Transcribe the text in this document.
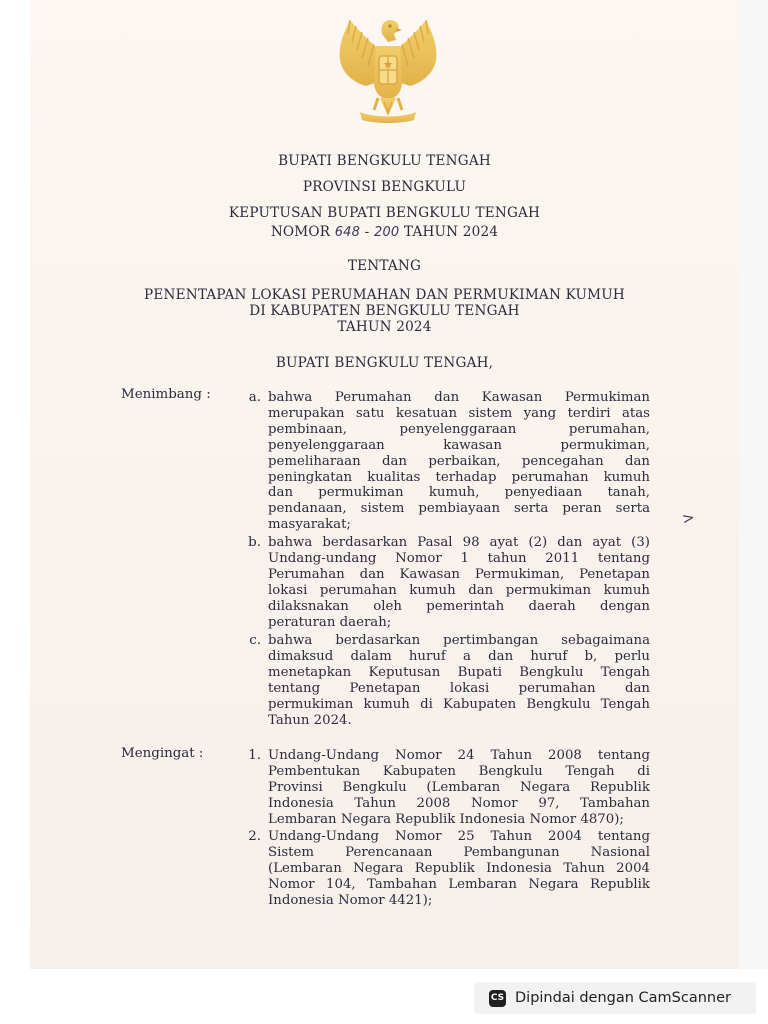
BUPATI BENGKULU TENGAH
PROVINSI BENGKULU
KEPUTUSAN BUPATI BENGKULU TENGAH
NOMOR 648 - 200 TAHUN 2024
TENTANG
PENENTAPAN LOKASI PERUMAHAN DAN PERMUKIMAN KUMUH
DI KABUPATEN BENGKULU TENGAH
TAHUN 2024
BUPATI BENGKULU TENGAH,
Menimbang :	a. bahwa Perumahan dan Kawasan Permukiman
merupakan satu kesatuan sistem yang terdiri atas
pembinaan, penyelenggaraan perumahan,
penyelenggaraan kawasan permukiman,
pemeliharaan dan perbaikan, pencegahan dan
peningkatan kualitas terhadap perumahan kumuh
dan permukiman kumuh, penyediaan tanah,
pendanaan, sistem pembiayaan serta peran serta
masyarakat;
b. bahwa berdasarkan Pasal 98 ayat (2) dan ayat (3)
Undang-undang Nomor 1 tahun 2011 tentang
Perumahan dan Kawasan Permukiman, Penetapan
lokasi perumahan kumuh dan permukiman kumuh
dilaksnakan oleh pemerintah daerah dengan
peraturan daerah;
c. bahwa berdasarkan pertimbangan sebagaimana
dimaksud dalam huruf a dan huruf b, perlu
menetapkan Keputusan Bupati Bengkulu Tengah
tentang Penetapan lokasi perumahan dan
permukiman kumuh di Kabupaten Bengkulu Tengah
Tahun 2024.
>
Mengingat :	1. Undang-Undang Nomor 24 Tahun 2008 tentang
Pembentukan Kabupaten Bengkulu Tengah di
Provinsi Bengkulu (Lembaran Negara Republik
Indonesia Tahun 2008 Nomor 97, Tambahan
Lembaran Negara Republik Indonesia Nomor 4870);
2. Undang-Undang Nomor 25 Tahun 2004 tentang
Sistem Perencanaan Pembangunan Nasional
(Lembaran Negara Republik Indonesia Tahun 2004
Nomor 104, Tambahan Lembaran Negara Republik
Indonesia Nomor 4421);
CS Dipindai dengan CamScanner
